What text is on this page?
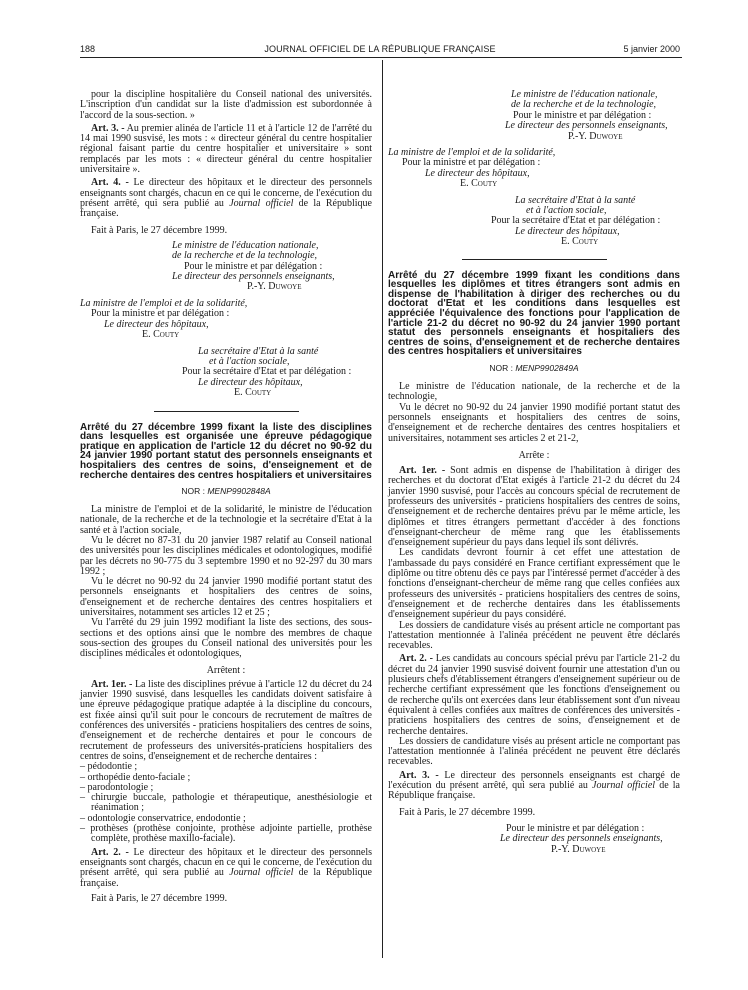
188	JOURNAL OFFICIEL DE LA RÉPUBLIQUE FRANÇAISE	5 janvier 2000

pour la discipline hospitalière du Conseil national des universités. L'inscription d'un candidat sur la liste d'admission est subordonnée à l'accord de la sous-section. »

Art. 3. - Au premier alinéa de l'article 11 et à l'article 12 de l'arrêté du 14 mai 1990 susvisé, les mots : « directeur général du centre hospitalier régional faisant partie du centre hospitalier et universitaire » sont remplacés par les mots : « directeur général du centre hospitalier universitaire ».

Art. 4. - Le directeur des hôpitaux et le directeur des personnels enseignants sont chargés, chacun en ce qui le concerne, de l'exécution du présent arrêté, qui sera publié au Journal officiel de la République française.

Fait à Paris, le 27 décembre 1999.

Le ministre de l'éducation nationale,
de la recherche et de la technologie,
Pour le ministre et par délégation :
Le directeur des personnels enseignants,
P.-Y. Duwoye
La ministre de l'emploi et de la solidarité,
Pour la ministre et par délégation :
Le directeur des hôpitaux,
E. Couty
La secrétaire d'Etat à la santé
et à l'action sociale,
Pour la secrétaire d'Etat et par délégation :
Le directeur des hôpitaux,
E. Couty

Arrêté du 27 décembre 1999 fixant la liste des disciplines dans lesquelles est organisée une épreuve pédagogique pratique en application de l'article 12 du décret no 90-92 du 24 janvier 1990 portant statut des personnels enseignants et hospitaliers des centres de soins, d'enseignement et de recherche dentaires des centres hospitaliers et universitaires

NOR : MENP9902848A

La ministre de l'emploi et de la solidarité, le ministre de l'éducation nationale, de la recherche et de la technologie et la secrétaire d'Etat à la santé et à l'action sociale,

Vu le décret no 87-31 du 20 janvier 1987 relatif au Conseil national des universités pour les disciplines médicales et odontologiques, modifié par les décrets no 90-775 du 3 septembre 1990 et no 92-297 du 30 mars 1992 ;

Vu le décret no 90-92 du 24 janvier 1990 modifié portant statut des personnels enseignants et hospitaliers des centres de soins, d'enseignement et de recherche dentaires des centres hospitaliers et universitaires, notamment ses articles 12 et 25 ;

Vu l'arrêté du 29 juin 1992 modifiant la liste des sections, des sous-sections et des options ainsi que le nombre des membres de chaque sous-section des groupes du Conseil national des universités pour les disciplines médicales et odontologiques,

Arrêtent :

Art. 1er. - La liste des disciplines prévue à l'article 12 du décret du 24 janvier 1990 susvisé, dans lesquelles les candidats doivent satisfaire à une épreuve pédagogique pratique adaptée à la discipline du concours, est fixée ainsi qu'il suit pour le concours de recrutement de maîtres de conférences des universités - praticiens hospitaliers des centres de soins, d'enseignement et de recherche dentaires et pour le concours de recrutement de professeurs des universités-praticiens hospitaliers des centres de soins, d'enseignement et de recherche dentaires :

– pédodontie ;
– orthopédie dento-faciale ;
– parodontologie ;
– chirurgie buccale, pathologie et thérapeutique, anesthésiologie et réanimation ;
– odontologie conservatrice, endodontie ;
– prothèses (prothèse conjointe, prothèse adjointe partielle, prothèse complète, prothèse maxillo-faciale).

Art. 2. - Le directeur des hôpitaux et le directeur des personnels enseignants sont chargés, chacun en ce qui le concerne, de l'exécution du présent arrêté, qui sera publié au Journal officiel de la République française.

Fait à Paris, le 27 décembre 1999.

Le ministre de l'éducation nationale,
de la recherche et de la technologie,
Pour le ministre et par délégation :
Le directeur des personnels enseignants,
P.-Y. Duwoye
La ministre de l'emploi et de la solidarité,
Pour la ministre et par délégation :
Le directeur des hôpitaux,
E. Couty
La secrétaire d'Etat à la santé
et à l'action sociale,
Pour la secrétaire d'Etat et par délégation :
Le directeur des hôpitaux,
E. Couty

Arrêté du 27 décembre 1999 fixant les conditions dans lesquelles les diplômes et titres étrangers sont admis en dispense de l'habilitation à diriger des recherches ou du doctorat d'Etat et les conditions dans lesquelles est appréciée l'équivalence des fonctions pour l'application de l'article 21-2 du décret no 90-92 du 24 janvier 1990 portant statut des personnels enseignants et hospitaliers des centres de soins, d'enseignement et de recherche dentaires des centres hospitaliers et universitaires

NOR : MENP9902849A

Le ministre de l'éducation nationale, de la recherche et de la technologie,

Vu le décret no 90-92 du 24 janvier 1990 modifié portant statut des personnels enseignants et hospitaliers des centres de soins, d'enseignement et de recherche dentaires des centres hospitaliers et universitaires, notamment ses articles 2 et 21-2,

Arrête :

Art. 1er. - Sont admis en dispense de l'habilitation à diriger des recherches et du doctorat d'Etat exigés à l'article 21-2 du décret du 24 janvier 1990 susvisé, pour l'accès au concours spécial de recrutement de professeurs des universités - praticiens hospitaliers des centres de soins, d'enseignement et de recherche dentaires prévu par le même article, les diplômes et titres étrangers permettant d'accéder à des fonctions d'enseignant-chercheur de même rang que les établissements d'enseignement supérieur du pays dans lequel ils sont délivrés.

Les candidats devront fournir à cet effet une attestation de l'ambassade du pays considéré en France certifiant expressément que le diplôme ou titre obtenu dès ce pays par l'intéressé permet d'accéder à des fonctions d'enseignant-chercheur de même rang que celles confiées aux professeurs des universités - praticiens hospitaliers des centres de soins, d'enseignement et de recherche dentaires dans les établissements d'enseignement supérieur du pays considéré.

Les dossiers de candidature visés au présent article ne comportant pas l'attestation mentionnée à l'alinéa précédent ne peuvent être déclarés recevables.

Art. 2. - Les candidats au concours spécial prévu par l'article 21-2 du décret du 24 janvier 1990 susvisé doivent fournir une attestation d'un ou plusieurs chefs d'établissement étrangers d'enseignement supérieur ou de recherche certifiant expressément que les fonctions d'enseignement ou de recherche qu'ils ont exercées dans leur établissement sont d'un niveau équivalent à celles confiées aux maîtres de conférences des universités - praticiens hospitaliers des centres de soins, d'enseignement et de recherche dentaires.

Les dossiers de candidature visés au présent article ne comportant pas l'attestation mentionnée à l'alinéa précédent ne peuvent être déclarés recevables.

Art. 3. - Le directeur des personnels enseignants est chargé de l'exécution du présent arrêté, qui sera publié au Journal officiel de la République française.

Fait à Paris, le 27 décembre 1999.

Pour le ministre et par délégation :
Le directeur des personnels enseignants,
P.-Y. Duwoye
